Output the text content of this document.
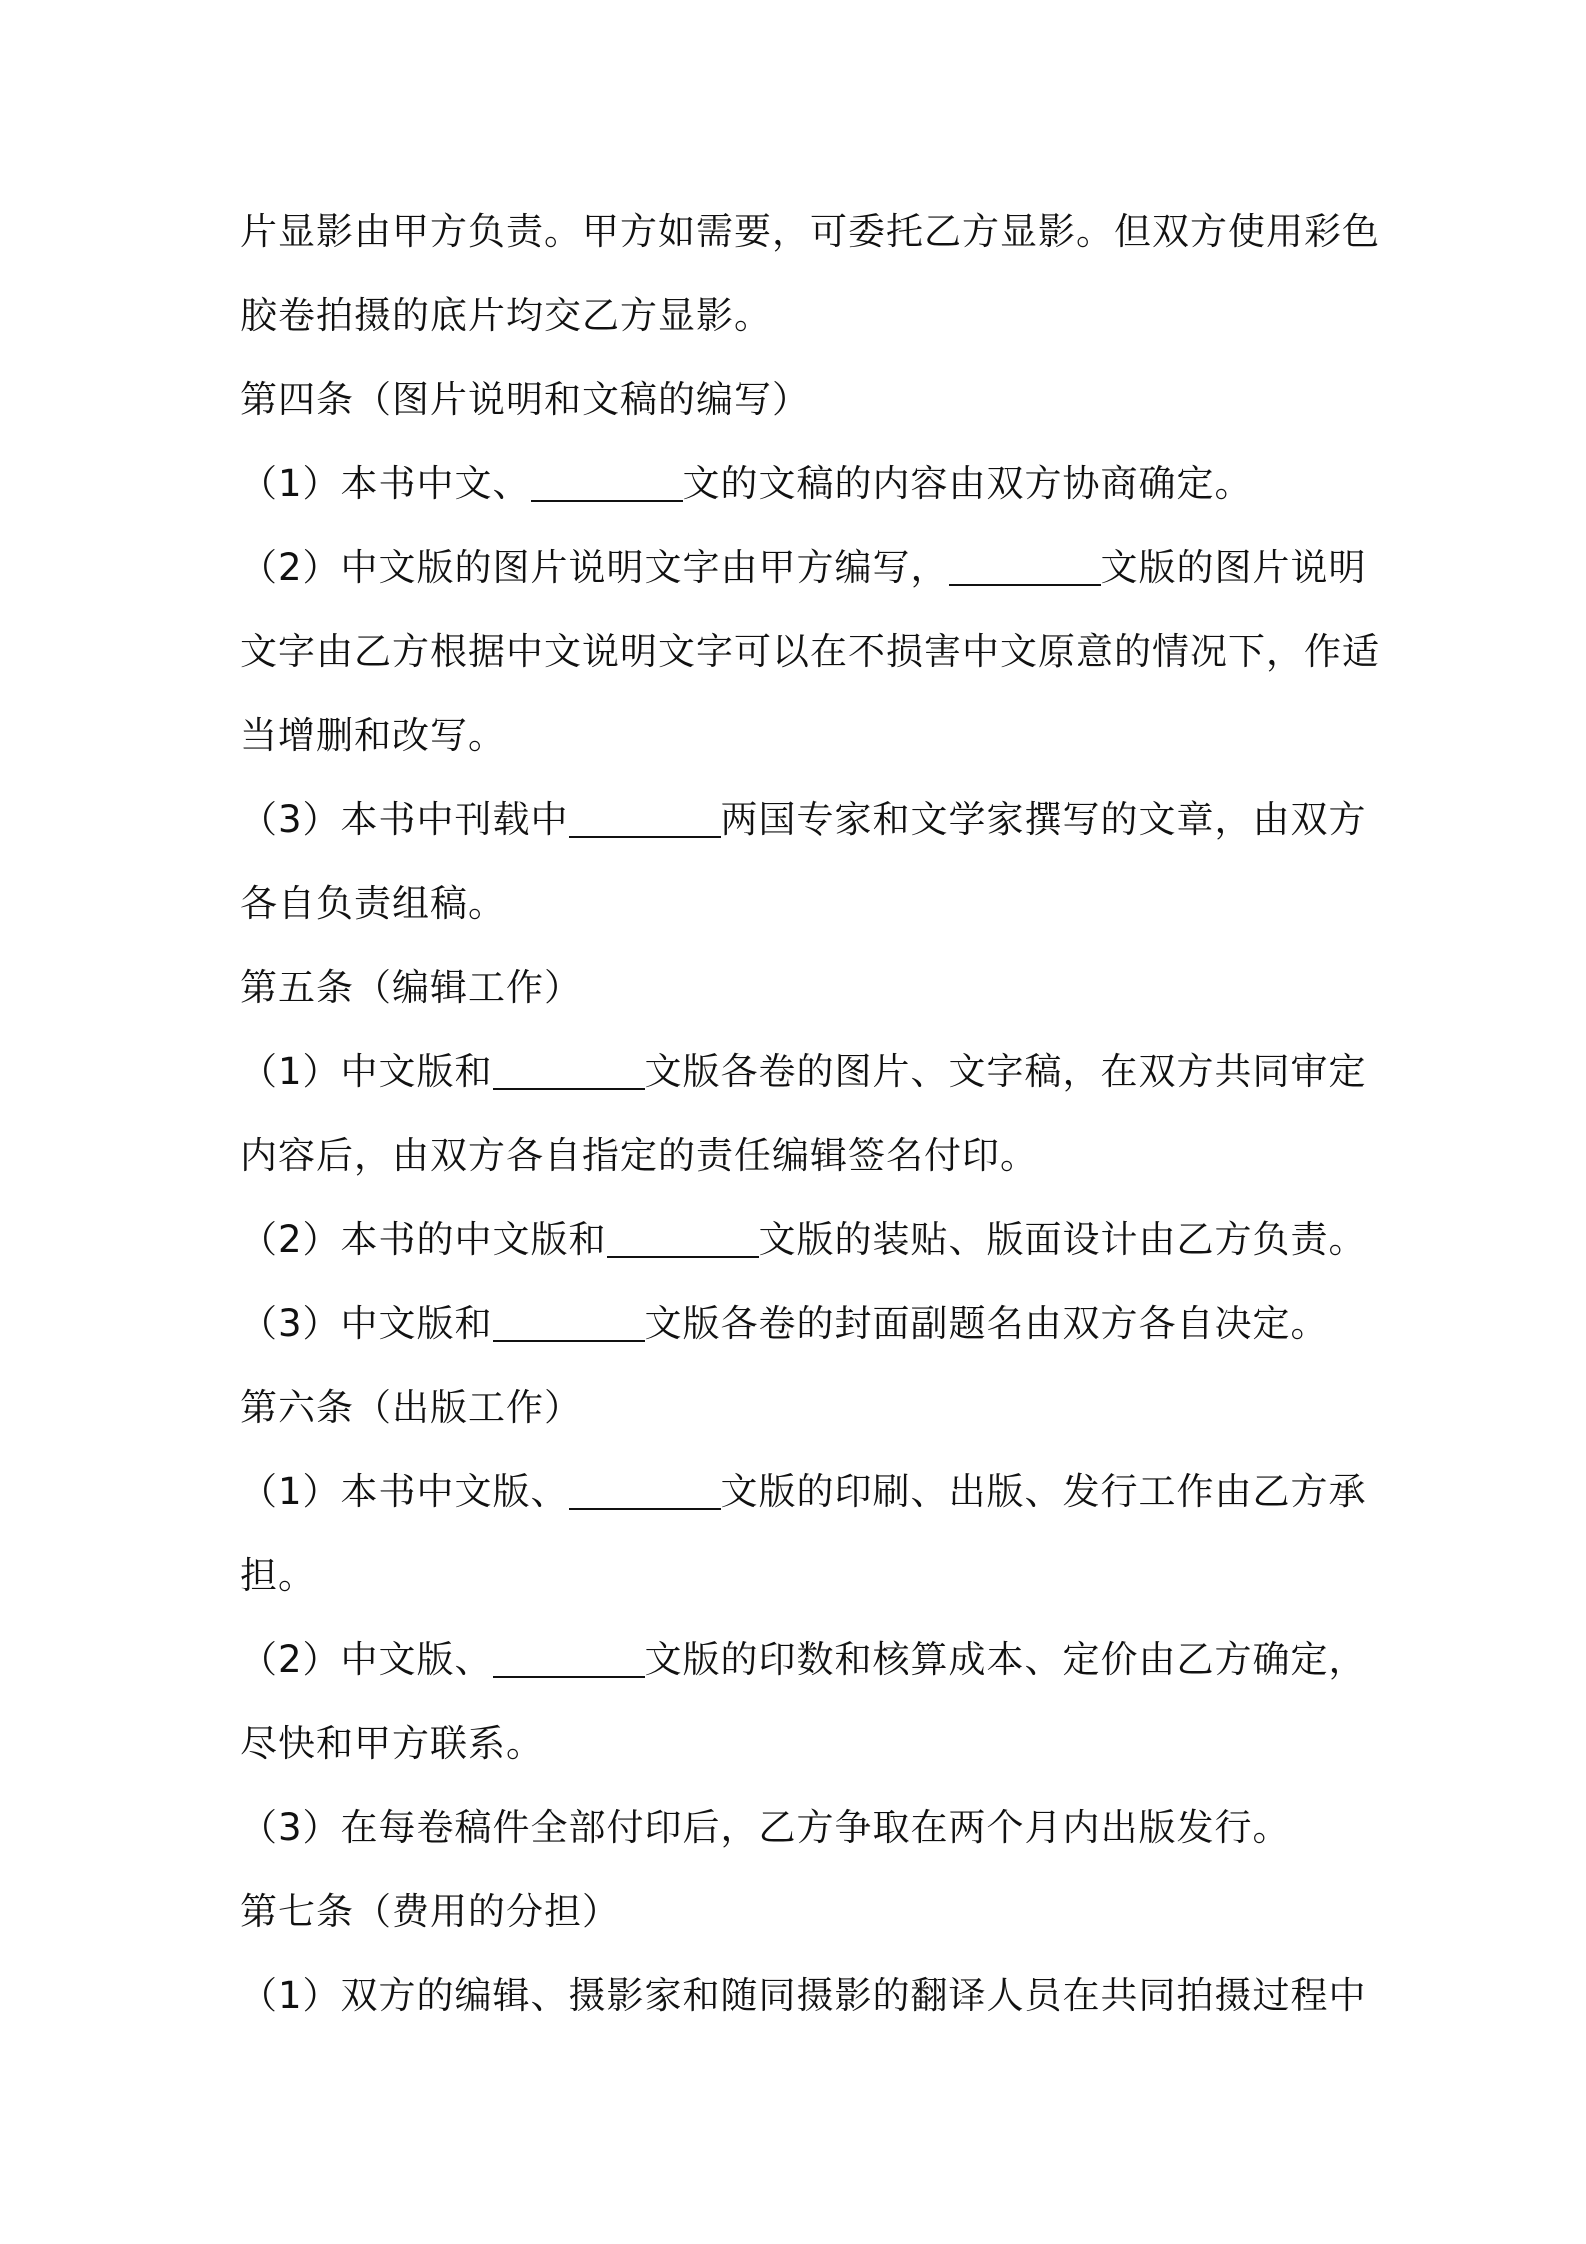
片显影由甲方负责。甲方如需要，可委托乙方显影。但双方使用彩色
胶卷拍摄的底片均交乙方显影。
第四条（图片说明和文稿的编写）
（1）本书中文、	文的文稿的内容由双方协商确定。
（2）中文版的图片说明文字由甲方编写，	文版的图片说明
文字由乙方根据中文说明文字可以在不损害中文原意的情况下，作适
当增删和改写。
（3）本书中刊载中	两国专家和文学家撰写的文章，由双方
各自负责组稿。
第五条（编辑工作）
（1）中文版和	文版各卷的图片、文字稿，在双方共同审定
内容后，由双方各自指定的责任编辑签名付印。
（2）本书的中文版和	文版的装贴、版面设计由乙方负责。
（3）中文版和	文版各卷的封面副题名由双方各自决定。
第六条（出版工作）
（1）本书中文版、	文版的印刷、出版、发行工作由乙方承
担。
（2）中文版、	文版的印数和核算成本、定价由乙方确定，
尽快和甲方联系。
（3）在每卷稿件全部付印后，乙方争取在两个月内出版发行。
第七条（费用的分担）
（1）双方的编辑、摄影家和随同摄影的翻译人员在共同拍摄过程中
